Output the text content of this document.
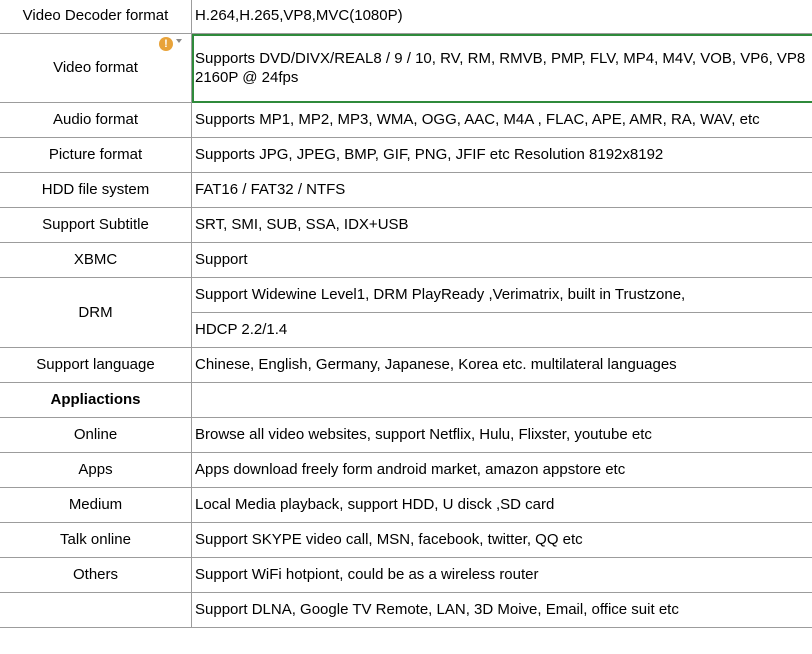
Video Decoder format	H.264,H.265,VP8,MVC(1080P)
Video format	Supports DVD/DIVX/REAL8 / 9 / 10, RV, RM, RMVB, PMP, FLV, MP4, M4V, VOB, VP6, VP8 2160P @ 24fps
Audio format	Supports MP1, MP2, MP3, WMA, OGG, AAC, M4A , FLAC, APE, AMR, RA, WAV, etc
Picture format	Supports JPG, JPEG, BMP, GIF, PNG, JFIF etc Resolution 8192x8192
HDD file system	FAT16 / FAT32 / NTFS
Support Subtitle	SRT, SMI, SUB, SSA, IDX+USB
XBMC	Support
DRM	Support Widewine Level1, DRM PlayReady ,Verimatrix, built in Trustzone,
	HDCP 2.2/1.4
Support language	Chinese, English, Germany, Japanese, Korea etc. multilateral languages
Appliactions	
Online	Browse all video websites, support Netflix, Hulu, Flixster, youtube etc
Apps	Apps download freely form android market, amazon appstore etc
Medium	Local Media playback, support HDD, U disck ,SD card
Talk online	Support SKYPE video call, MSN, facebook, twitter, QQ etc
Others	Support WiFi hotpiont, could be as a wireless router
	Support DLNA, Google TV Remote, LAN, 3D Moive, Email, office suit etc
!
